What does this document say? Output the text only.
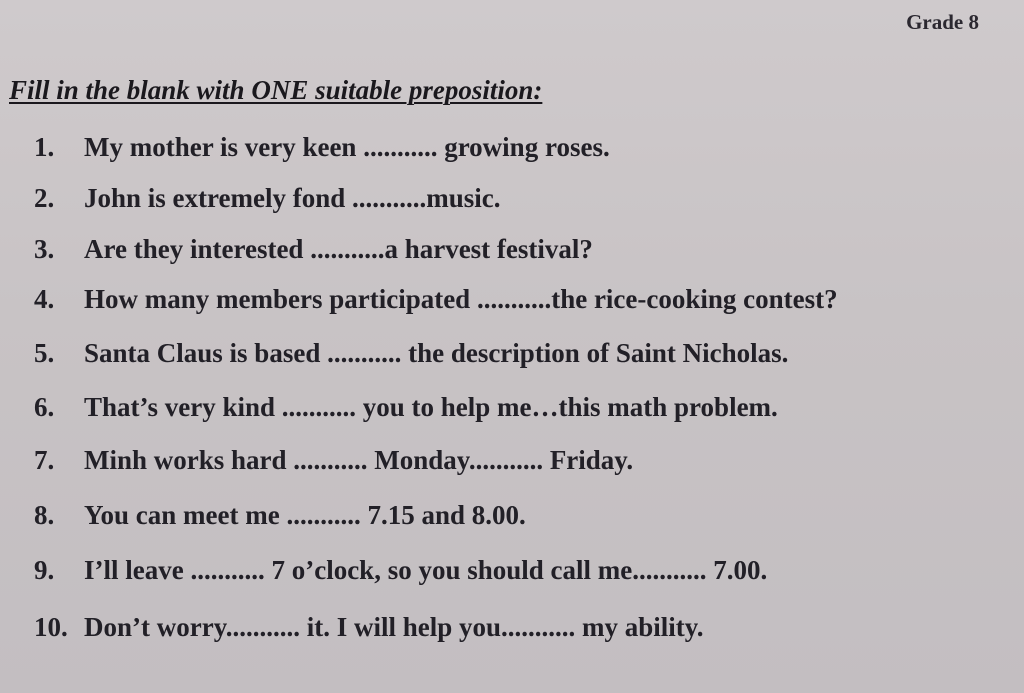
Grade 8
Fill in the blank with ONE suitable preposition:
1. My mother is very keen ........... growing roses.
2. John is extremely fond ...........music.
3. Are they interested ...........a harvest festival?
4. How many members participated ...........the rice-cooking contest?
5. Santa Claus is based ........... the description of Saint Nicholas.
6. That’s very kind ........... you to help me…this math problem.
7. Minh works hard ........... Monday........... Friday.
8. You can meet me ........... 7.15 and 8.00.
9. I’ll leave ........... 7 o’clock, so you should call me........... 7.00.
10. Don’t worry........... it. I will help you........... my ability.
